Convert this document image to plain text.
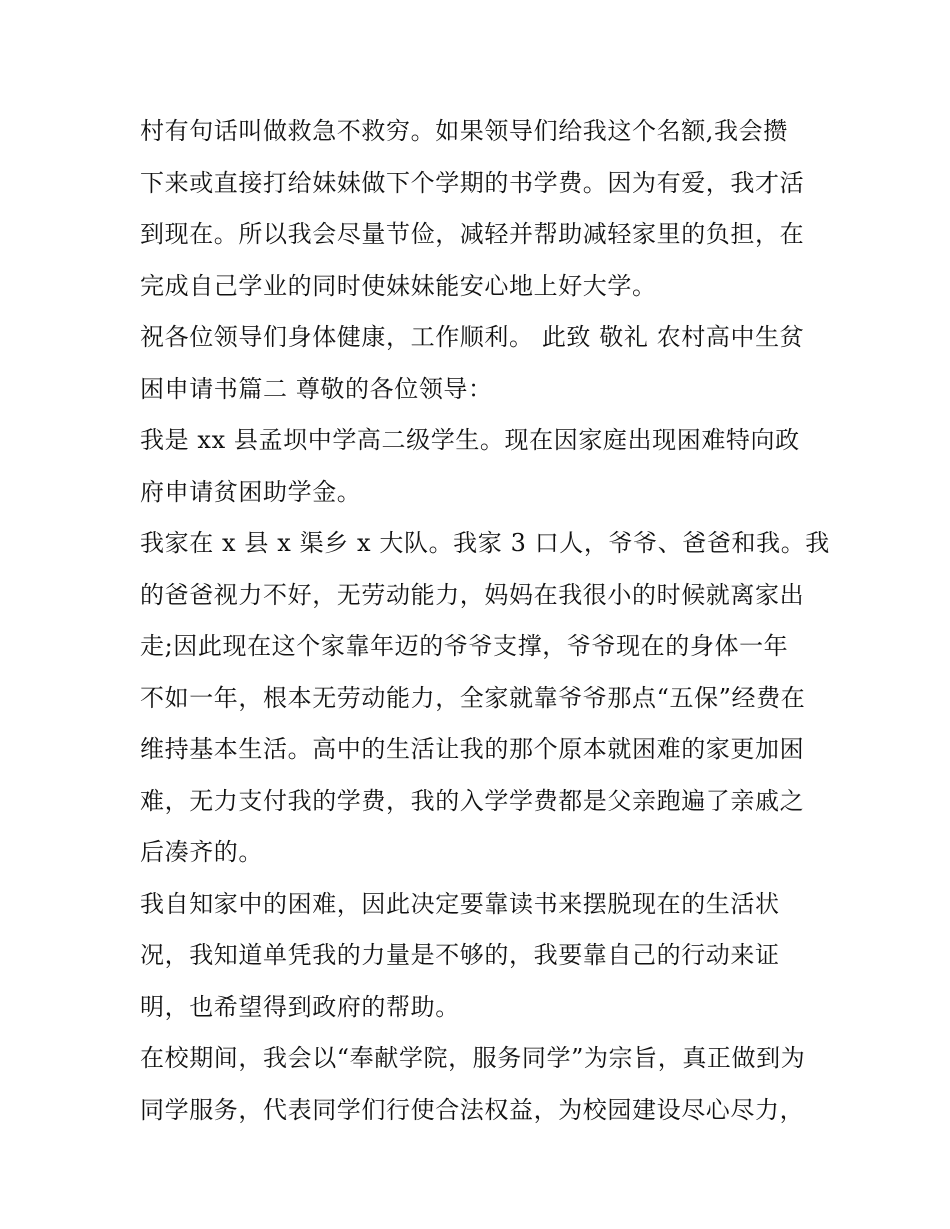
村有句话叫做救急不救穷。如果领导们给我这个名额,我会攒
下来或直接打给妹妹做下个学期的书学费。因为有爱，我才活
到现在。所以我会尽量节俭，减轻并帮助减轻家里的负担，在
完成自己学业的同时使妹妹能安心地上好大学。
祝各位领导们身体健康，工作顺利。 此致 敬礼 农村高中生贫
困申请书篇二 尊敬的各位领导：
我是 xx 县孟坝中学高二级学生。现在因家庭出现困难特向政
府申请贫困助学金。
我家在 x 县 x 渠乡 x 大队。我家 3 口人，爷爷、爸爸和我。我
的爸爸视力不好，无劳动能力，妈妈在我很小的时候就离家出
走;因此现在这个家靠年迈的爷爷支撑，爷爷现在的身体一年
不如一年，根本无劳动能力，全家就靠爷爷那点“五保”经费在
维持基本生活。高中的生活让我的那个原本就困难的家更加困
难，无力支付我的学费，我的入学学费都是父亲跑遍了亲戚之
后凑齐的。
我自知家中的困难，因此决定要靠读书来摆脱现在的生活状
况，我知道单凭我的力量是不够的，我要靠自己的行动来证
明，也希望得到政府的帮助。
在校期间，我会以“奉献学院，服务同学”为宗旨，真正做到为
同学服务，代表同学们行使合法权益，为校园建设尽心尽力，
